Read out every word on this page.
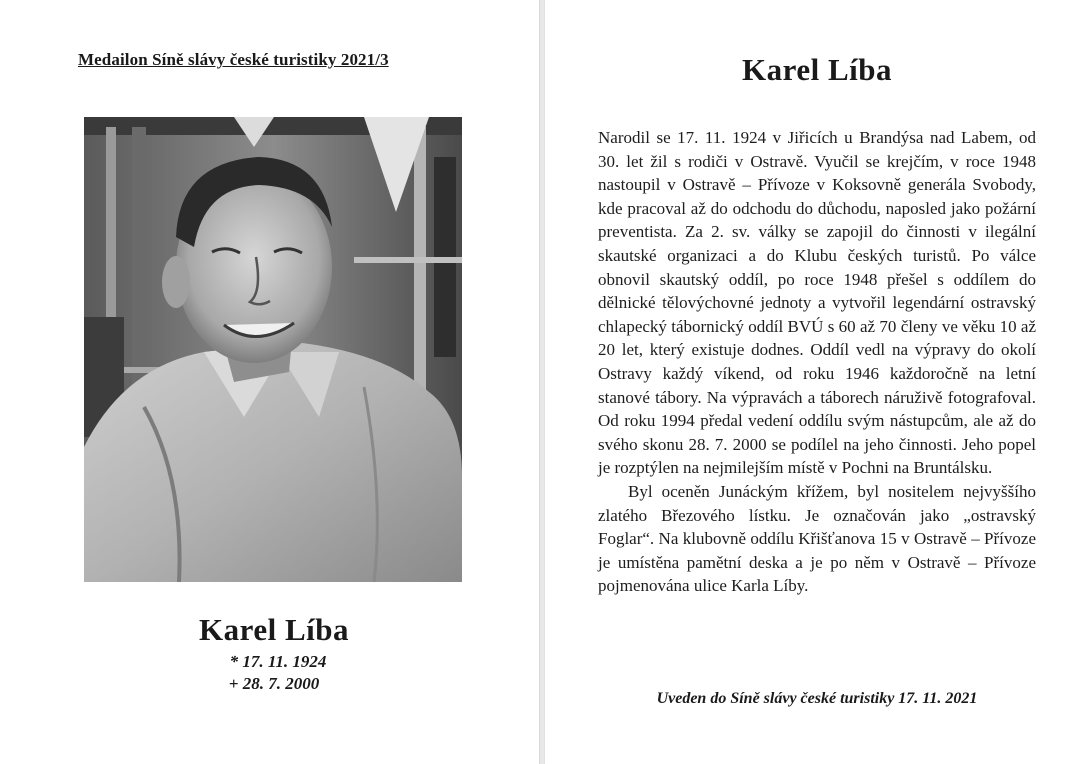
Medailon Síně slávy české turistiky 2021/3
Karel Líba
* 17. 11. 1924
+ 28. 7. 2000
Karel Líba

Narodil se 17. 11. 1924 v Jiřicích u Brandýsa nad Labem, od 30. let žil s rodiči v Ostravě. Vyučil se krejčím, v roce 1948 nastoupil v Ostravě – Přívoze v Koksovně generála Svobody, kde pracoval až do odchodu do důchodu, naposled jako požární preventista. Za 2. sv. války se zapojil do činnosti v ilegální skautské organizaci a do Klubu českých turistů. Po válce obnovil skautský oddíl, po roce 1948 přešel s oddílem do dělnické tělovýchovné jednoty a vytvořil legendární ostravský chlapecký tábornický oddíl BVÚ s 60 až 70 členy ve věku 10 až 20 let, který existuje dodnes. Oddíl vedl na výpravy do okolí Ostravy každý víkend, od roku 1946 každoročně na letní stanové tábory. Na výpravách a táborech náruživě fotografoval. Od roku 1994 předal vedení oddílu svým nástupcům, ale až do svého skonu 28. 7. 2000 se podílel na jeho činnosti. Jeho popel je rozptýlen na nejmilejším místě v Pochni na Bruntálsku.

Byl oceněn Junáckým křížem, byl nositelem nejvyššího zlatého Březového lístku. Je označován jako „ostravský Foglar“. Na klubovně oddílu Křišťanova 15 v Ostravě – Přívoze je umístěna pamětní deska a je po něm v Ostravě – Přívoze pojmenována ulice Karla Líby.

Uveden do Síně slávy české turistiky 17. 11. 2021
